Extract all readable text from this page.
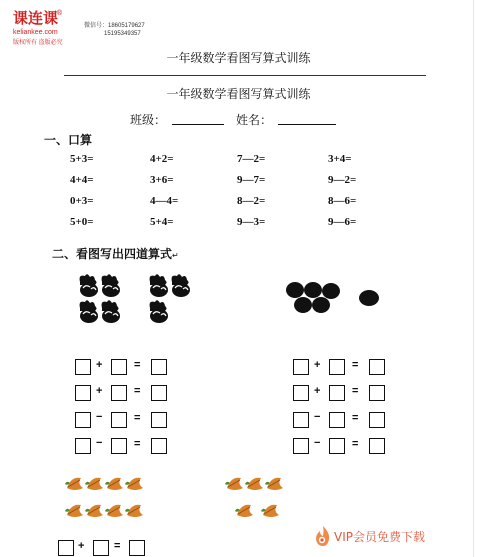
课连课
®
keliankee.com
版权所有 盗版必究
微信号：18605179627
15195349357
一年级数学看图写算式训练
一年级数学看图写算式训练
班级：	姓名：
一、口算
5+3=	4+2=	7—2=	3+4=
4+4=	3+6=	9—7=	9—2=
0+3=	4—4=	8—2=	8—6=
5+0=	5+4=	9—3=	9—6=
二、看图写出四道算式↵
+	=
+	=
−	=
−	=
+	=
+	=
−	=
−	=
+	=
VIP会员免费下载
